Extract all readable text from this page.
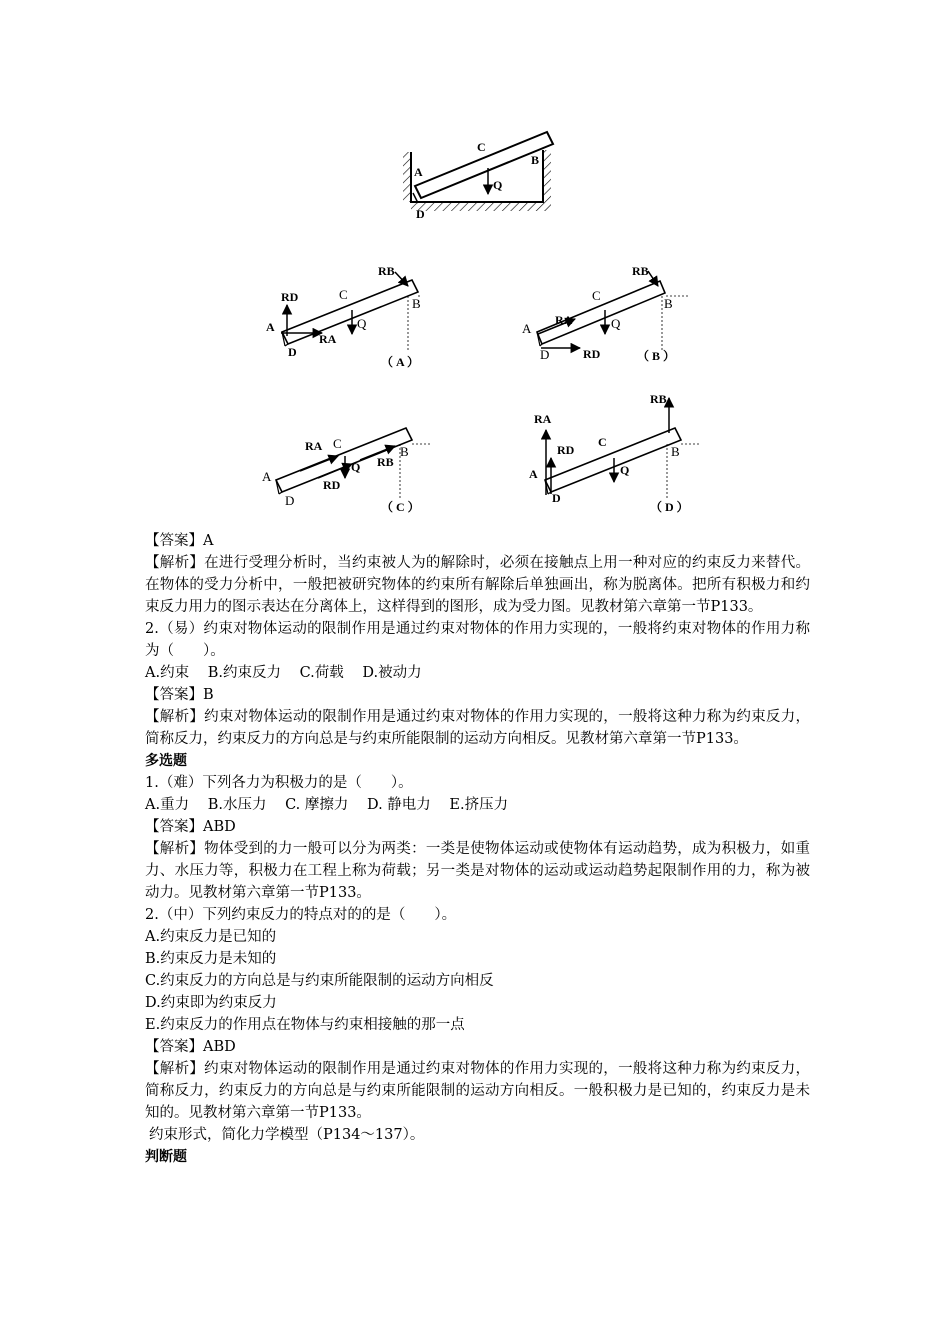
A
B
C
D
Q
RB
RD	C
B
Q
A
D
RA
（ A ）
RB
C
B
RA	Q
A
D	RD	（ B ）
RA C
Q RB
B
A
RD
D	（ C ）
RB
RA
RD
C
B
A	Q
D
（ D ）

【答案】A

【解析】在进行受理分析时，当约束被人为的解除时，必须在接触点上用一种对应的约束反力来替代。在物体的受力分析中，一般把被研究物体的约束所有解除后单独画出，称为脱离体。把所有积极力和约束反力用力的图示表达在分离体上，这样得到的图形，成为受力图。见教材第六章第一节P133。

2.（易）约束对物体运动的限制作用是通过约束对物体的作用力实现的，一般将约束对物体的作用力称为（　　）。

A.约束 B.约束反力 C.荷载 D.被动力

【答案】B

【解析】约束对物体运动的限制作用是通过约束对物体的作用力实现的，一般将这种力称为约束反力，简称反力，约束反力的方向总是与约束所能限制的运动方向相反。见教材第六章第一节P133。

多选题

1.（难）下列各力为积极力的是（　　）。

A.重力 B.水压力 C. 摩擦力 D. 静电力 E.挤压力

【答案】ABD

【解析】物体受到的力一般可以分为两类：一类是使物体运动或使物体有运动趋势，成为积极力，如重力、水压力等，积极力在工程上称为荷载；另一类是对物体的运动或运动趋势起限制作用的力，称为被动力。见教材第六章第一节P133。

2.（中）下列约束反力的特点对的的是（　　）。

A.约束反力是已知的

B.约束反力是未知的

C.约束反力的方向总是与约束所能限制的运动方向相反

D.约束即为约束反力

E.约束反力的作用点在物体与约束相接触的那一点

【答案】ABD

【解析】约束对物体运动的限制作用是通过约束对物体的作用力实现的，一般将这种力称为约束反力，简称反力，约束反力的方向总是与约束所能限制的运动方向相反。一般积极力是已知的，约束反力是未知的。见教材第六章第一节P133。

约束形式，简化力学模型（P134～137）。

判断题
